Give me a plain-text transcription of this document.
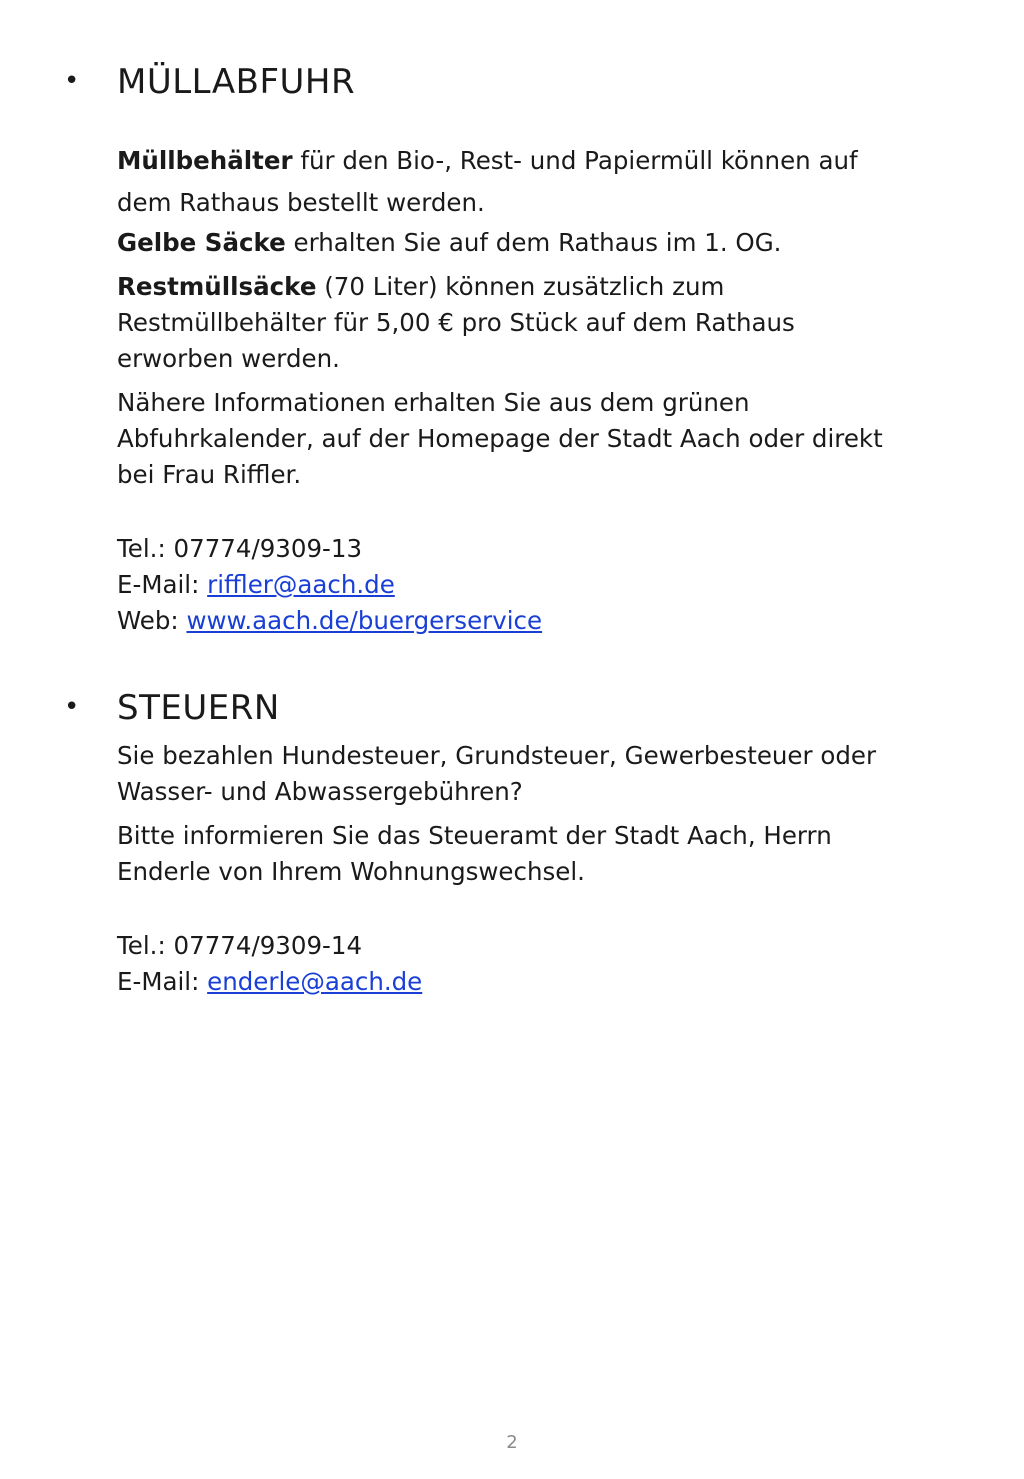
• MÜLLABFUHR

Müllbehälter für den Bio-, Rest- und Papiermüll können auf
dem Rathaus bestellt werden.

Gelbe Säcke erhalten Sie auf dem Rathaus im 1. OG.

Restmüllsäcke (70 Liter) können zusätzlich zum
Restmüllbehälter für 5,00 € pro Stück auf dem Rathaus
erworben werden.

Nähere Informationen erhalten Sie aus dem grünen
Abfuhrkalender, auf der Homepage der Stadt Aach oder direkt
bei Frau Riffler.

Tel.: 07774/9309-13
E-Mail: riffler@aach.de
Web: www.aach.de/buergerservice

• STEUERN

Sie bezahlen Hundesteuer, Grundsteuer, Gewerbesteuer oder
Wasser- und Abwassergebühren?

Bitte informieren Sie das Steueramt der Stadt Aach, Herrn
Enderle von Ihrem Wohnungswechsel.

Tel.: 07774/9309-14
E-Mail: enderle@aach.de

2
